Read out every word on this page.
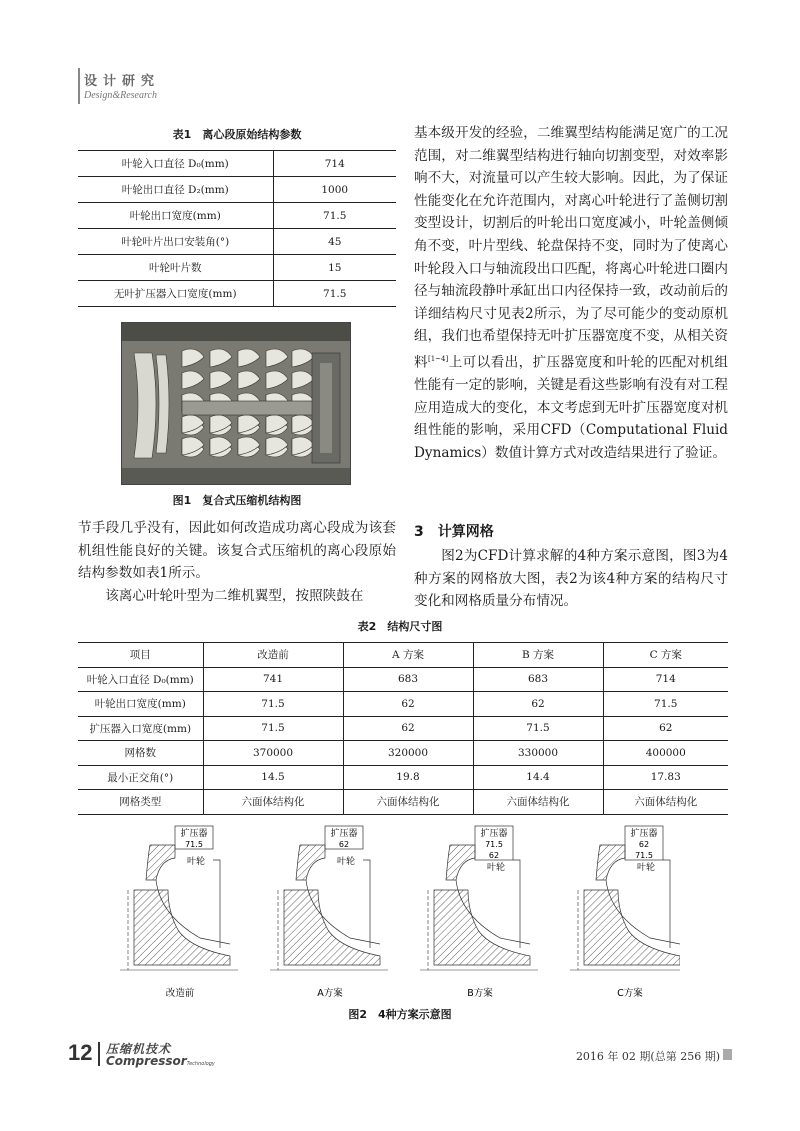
设计研究
Design&Research
表1　离心段原始结构参数
叶轮入口直径 D₀(mm)	714
叶轮出口直径 D₂(mm)	1000
叶轮出口宽度(mm)	71.5
叶轮叶片出口安装角(°)	45
叶轮叶片数	15
无叶扩压器入口宽度(mm)	71.5
图1　复合式压缩机结构图

节手段几乎没有，因此如何改造成功离心段成为该套机组性能良好的关键。该复合式压缩机的离心段原始结构参数如表1所示。

该离心叶轮叶型为二维机翼型，按照陕鼓在

基本级开发的经验，二维翼型结构能满足宽广的工况范围，对二维翼型结构进行轴向切割变型，对效率影响不大，对流量可以产生较大影响。因此，为了保证性能变化在允许范围内，对离心叶轮进行了盖侧切割变型设计，切割后的叶轮出口宽度减小，叶轮盖侧倾角不变，叶片型线、轮盘保持不变，同时为了使离心叶轮段入口与轴流段出口匹配，将离心叶轮进口圈内径与轴流段静叶承缸出口内径保持一致，改动前后的详细结构尺寸见表2所示，为了尽可能少的变动原机组，我们也希望保持无叶扩压器宽度不变，从相关资料[1~4]上可以看出，扩压器宽度和叶轮的匹配对机组性能有一定的影响，关键是看这些影响有没有对工程应用造成大的变化，本文考虑到无叶扩压器宽度对机组性能的影响，采用CFD（Computational Fluid Dynamics）数值计算方式对改造结果进行了验证。

3　计算网格

图2为CFD计算求解的4种方案示意图，图3为4种方案的网格放大图，表2为该4种方案的结构尺寸变化和网格质量分布情况。

表2　结构尺寸图
项目	改造前	A 方案	B 方案	C 方案
叶轮入口直径 D₀(mm)	741	683	683	714
叶轮出口宽度(mm)	71.5	62	62	71.5
扩压器入口宽度(mm)	71.5	62	71.5	62
网格数	370000	320000	330000	400000
最小正交角(°)	14.5	19.8	14.4	17.83
网格类型	六面体结构化	六面体结构化	六面体结构化	六面体结构化
扩压器
71.5
叶轮
改造前
扩压器
62
叶轮
A方案
扩压器
71.5
62
叶轮
B方案
扩压器
62
71.5
叶轮
C方案
图2　4种方案示意图
12 压缩机技术
CompressorTechnology
2016 年 02 期(总第 256 期)
